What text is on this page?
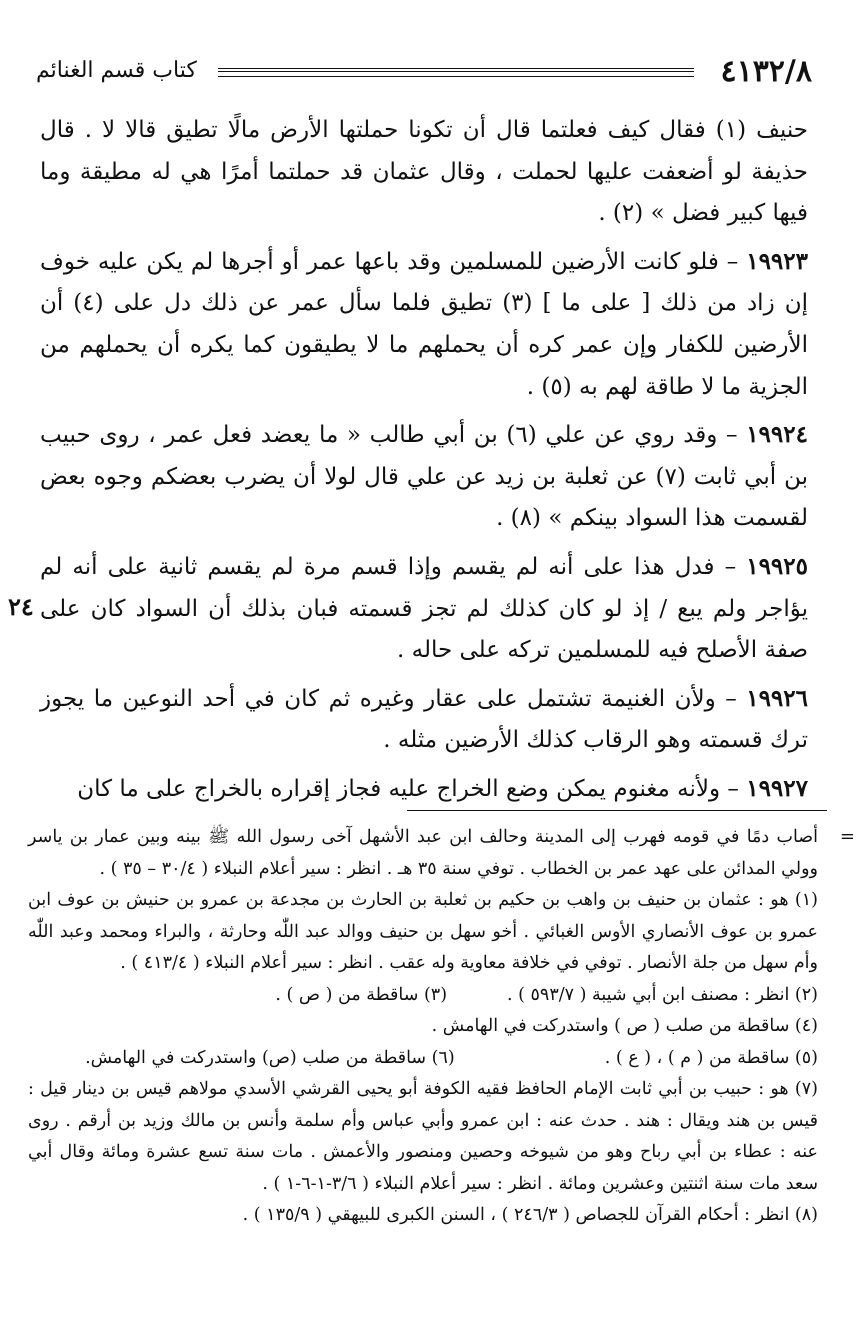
كتاب قسم الغنائم	٤١٣٢/٨

حنيف (١) فقال كيف فعلتما قال أن تكونا حملتها الأرض مالًا تطيق قالا لا . قال حذيفة لو أضعفت عليها لحملت ، وقال عثمان قد حملتما أمرًا هي له مطيقة وما فيها كبير فضل » (٢) .

١٩٩٢٣ – فلو كانت الأرضين للمسلمين وقد باعها عمر أو أجرها لم يكن عليه خوف إن زاد من ذلك [ على ما ] (٣) تطيق فلما سأل عمر عن ذلك دل على (٤) أن الأرضين للكفار وإن عمر كره أن يحملهم ما لا يطيقون كما يكره أن يحملهم من الجزية ما لا طاقة لهم به (٥) .

١٩٩٢٤ – وقد روي عن علي (٦) بن أبي طالب « ما يعضد فعل عمر ، روى حبيب بن أبي ثابت (٧) عن ثعلبة بن زيد عن علي قال لولا أن يضرب بعضكم وجوه بعض لقسمت هذا السواد بينكم » (٨) .

١٩٩٢٥ – فدل هذا على أنه لم يقسم وإذا قسم مرة لم يقسم ثانية على أنه لم يؤاجر ولم يبع / إذ لو كان كذلك لم تجز قسمته فبان بذلك أن السواد كان على صفة الأصلح فيه للمسلمين تركه على حاله .

١٩٩٢٦ – ولأن الغنيمة تشتمل على عقار وغيره ثم كان في أحد النوعين ما يجوز ترك قسمته وهو الرقاب كذلك الأرضين مثله .

١٩٩٢٧ – ولأنه مغنوم يمكن وضع الخراج عليه فجاز إقراره بالخراج على ما كان

٢٤
=

أصاب دمًا في قومه فهرب إلى المدينة وحالف ابن عبد الأشهل آخى رسول الله ﷺ بينه وبين عمار بن ياسر وولي المدائن على عهد عمر بن الخطاب . توفي سنة ٣٥ هـ . انظر : سير أعلام النبلاء ( ٣٠/٤ – ٣٥ ) .

(١) هو : عثمان بن حنيف بن واهب بن حكيم بن ثعلبة بن الحارث بن مجدعة بن عمرو بن حنيش بن عوف ابن عمرو بن عوف الأنصاري الأوس الغبائي . أخو سهل بن حنيف ووالد عبد اللّٰه وحارثة ، والبراء ومحمد وعبد اللّٰه وأم سهل من جلة الأنصار . توفي في خلافة معاوية وله عقب . انظر : سير أعلام النبلاء ( ٤١٣/٤ ) .

(٢) انظر : مصنف ابن أبي شيبة ( ٥٩٣/٧ ) .
(٣) ساقطة من ( ص ) .

(٤) ساقطة من صلب ( ص ) واستدركت في الهامش .

(٥) ساقطة من ( م ) ، ( ع ) .
(٦) ساقطة من صلب (ص) واستدركت في الهامش.

(٧) هو : حبيب بن أبي ثابت الإمام الحافظ فقيه الكوفة أبو يحيى القرشي الأسدي مولاهم قيس بن دينار قيل : قيس بن هند ويقال : هند . حدث عنه : ابن عمرو وأبي عباس وأم سلمة وأنس بن مالك وزيد بن أرقم . روى عنه : عطاء بن أبي رباح وهو من شيوخه وحصين ومنصور والأعمش . مات سنة تسع عشرة ومائة وقال أبي سعد مات سنة اثنتين وعشرين ومائة . انظر : سير أعلام النبلاء ( ٣/٦-١-٦-١ ) .

(٨) انظر : أحكام القرآن للجصاص ( ٢٤٦/٣ ) ، السنن الكبرى للبيهقي ( ١٣٥/٩ ) .
